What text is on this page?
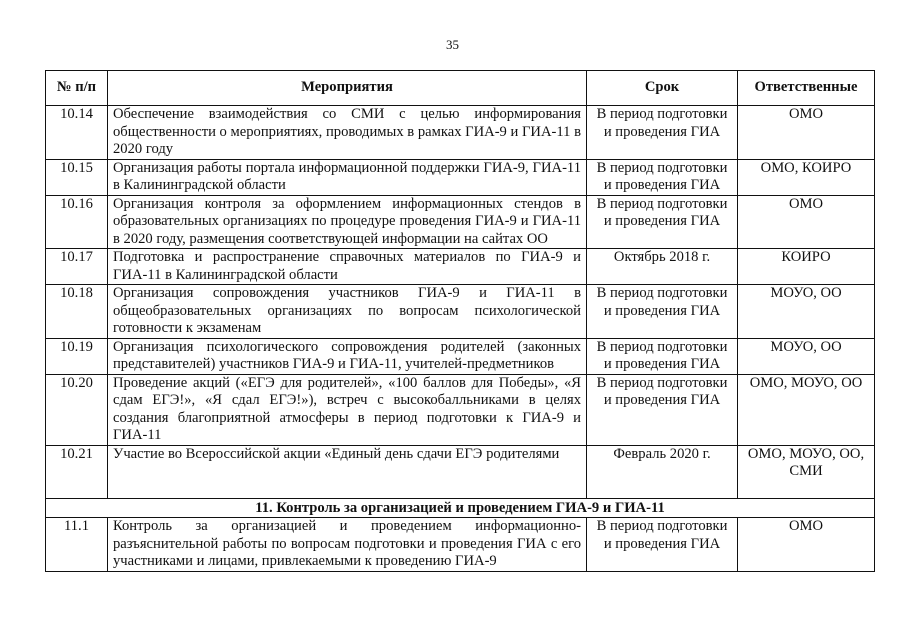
35
№ п/п	Мероприятия	Срок	Ответственные
10.14	Обеспечение взаимодействия со СМИ с целью информирования общественности о мероприятиях, проводимых в рамках ГИА-9 и ГИА-11 в 2020 году	В период подготовки и проведения ГИА	ОМО
10.15	Организация работы портала информационной поддержки ГИА-9, ГИА-11 в Калининградской области	В период подготовки и проведения ГИА	ОМО, КОИРО
10.16	Организация контроля за оформлением информационных стендов в образовательных организациях по процедуре проведения ГИА-9 и ГИА-11 в 2020 году, размещения соответствующей информации на сайтах ОО	В период подготовки и проведения ГИА	ОМО
10.17	Подготовка и распространение справочных материалов по ГИА-9 и ГИА-11 в Калининградской области	Октябрь 2018 г.	КОИРО
10.18	Организация сопровождения участников ГИА-9 и ГИА-11 в общеобразовательных организациях по вопросам психологической готовности к экзаменам	В период подготовки и проведения ГИА	МОУО, ОО
10.19	Организация психологического сопровождения родителей (законных представителей) участников ГИА-9 и ГИА-11, учителей-предметников	В период подготовки и проведения ГИА	МОУО, ОО
10.20	Проведение акций («ЕГЭ для родителей», «100 баллов для Победы», «Я сдам ЕГЭ!», «Я сдал ЕГЭ!»), встреч с высокобалльниками в целях создания благоприятной атмосферы в период подготовки к ГИА-9 и ГИА-11	В период подготовки и проведения ГИА	ОМО, МОУО, ОО
10.21	Участие во Всероссийской акции «Единый день сдачи ЕГЭ родителями	Февраль 2020 г.	ОМО, МОУО, ОО, СМИ
11. Контроль за организацией и проведением ГИА-9 и ГИА-11			
11.1	Контроль за организацией и проведением информационно-разъяснительной работы по вопросам подготовки и проведения ГИА с его участниками и лицами, привлекаемыми к проведению ГИА-9	В период подготовки и проведения ГИА	ОМО
